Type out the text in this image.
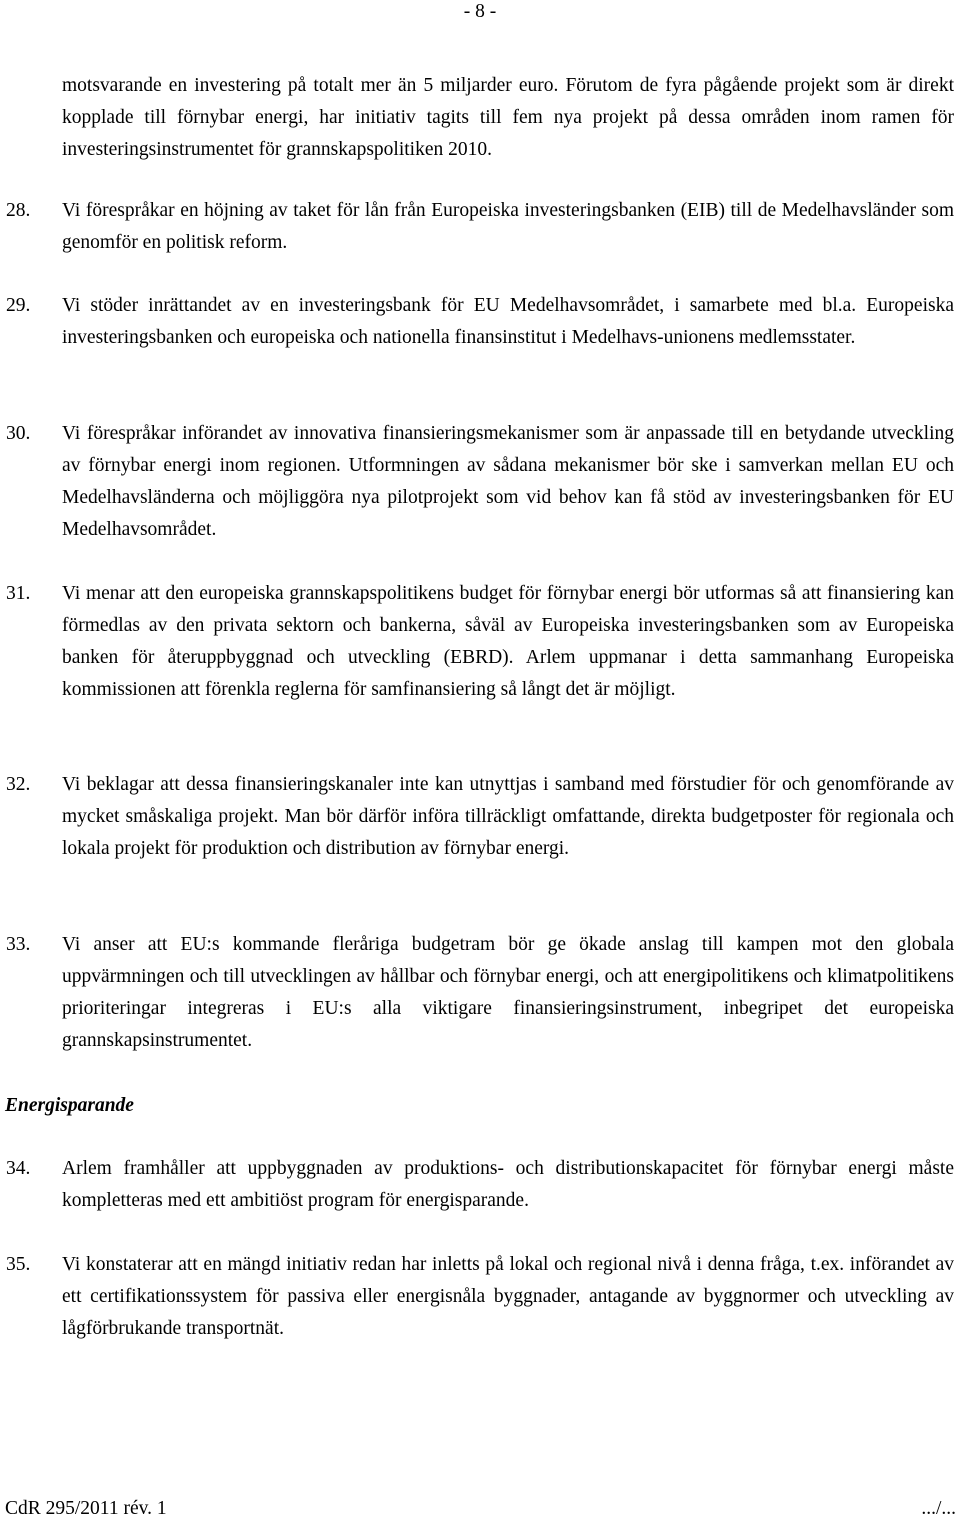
- 8 -

motsvarande en investering på totalt mer än 5 miljarder euro. Förutom de fyra pågående projekt som är direkt kopplade till förnybar energi, har initiativ tagits till fem nya projekt på dessa områden inom ramen för investeringsinstrumentet för grannskapspolitiken 2010.

28. Vi förespråkar en höjning av taket för lån från Europeiska investeringsbanken (EIB) till de Medelhavsländer som genomför en politisk reform.
29. Vi stöder inrättandet av en investeringsbank för EU Medelhavsområdet, i samarbete med bl.a. Europeiska investeringsbanken och europeiska och nationella finansinstitut i Medelhavs-unionens medlemsstater.
30. Vi förespråkar införandet av innovativa finansieringsmekanismer som är anpassade till en betydande utveckling av förnybar energi inom regionen. Utformningen av sådana mekanismer bör ske i samverkan mellan EU och Medelhavsländerna och möjliggöra nya pilotprojekt som vid behov kan få stöd av investeringsbanken för EU Medelhavsområdet.
31. Vi menar att den europeiska grannskapspolitikens budget för förnybar energi bör utformas så att finansiering kan förmedlas av den privata sektorn och bankerna, såväl av Europeiska investeringsbanken som av Europeiska banken för återuppbyggnad och utveckling (EBRD). Arlem uppmanar i detta sammanhang Europeiska kommissionen att förenkla reglerna för samfinansiering så långt det är möjligt.
32. Vi beklagar att dessa finansieringskanaler inte kan utnyttjas i samband med förstudier för och genomförande av mycket småskaliga projekt. Man bör därför införa tillräckligt omfattande, direkta budgetposter för regionala och lokala projekt för produktion och distribution av förnybar energi.
33. Vi anser att EU:s kommande fleråriga budgetram bör ge ökade anslag till kampen mot den globala uppvärmningen och till utvecklingen av hållbar och förnybar energi, och att energipolitikens och klimatpolitikens prioriteringar integreras i EU:s alla viktigare finansieringsinstrument, inbegripet det europeiska grannskapsinstrumentet.
Energisparande
34. Arlem framhåller att uppbyggnaden av produktions- och distributionskapacitet för förnybar energi måste kompletteras med ett ambitiöst program för energisparande.
35. Vi konstaterar att en mängd initiativ redan har inletts på lokal och regional nivå i denna fråga, t.ex. införandet av ett certifikationssystem för passiva eller energisnåla byggnader, antagande av byggnormer och utveckling av lågförbrukande transportnät.
CdR 295/2011 rév. 1	.../...
